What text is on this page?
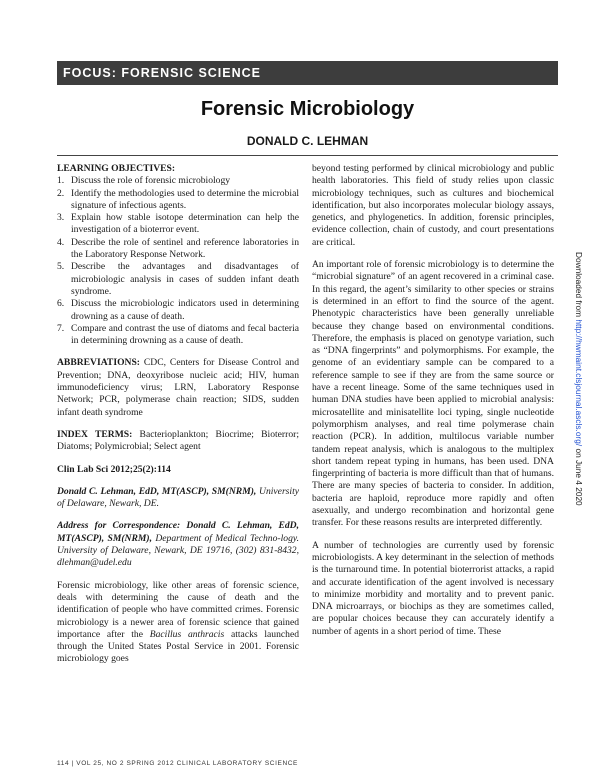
FOCUS: FORENSIC SCIENCE
Forensic Microbiology
DONALD C. LEHMAN
LEARNING OBJECTIVES:
1. Discuss the role of forensic microbiology
2. Identify the methodologies used to determine the microbial signature of infectious agents.
3. Explain how stable isotope determination can help the investigation of a bioterror event.
4. Describe the role of sentinel and reference laboratories in the Laboratory Response Network.
5. Describe the advantages and disadvantages of microbiologic analysis in cases of sudden infant death syndrome.
6. Discuss the microbiologic indicators used in determining drowning as a cause of death.
7. Compare and contrast the use of diatoms and fecal bacteria in determining drowning as a cause of death.

ABBREVIATIONS: CDC, Centers for Disease Control and Prevention; DNA, deoxyribose nucleic acid; HIV, human immunodeficiency virus; LRN, Laboratory Response Network; PCR, polymerase chain reaction; SIDS, sudden infant death syndrome

INDEX TERMS: Bacterioplankton; Biocrime; Bioterror; Diatoms; Polymicrobial; Select agent

Clin Lab Sci 2012;25(2):114

Donald C. Lehman, EdD, MT(ASCP), SM(NRM), University of Delaware, Newark, DE.

Address for Correspondence: Donald C. Lehman, EdD, MT(ASCP), SM(NRM), Department of Medical Techno-logy. University of Delaware, Newark, DE 19716, (302) 831-8432, dlehman@udel.edu

Forensic microbiology, like other areas of forensic science, deals with determining the cause of death and the identification of people who have committed crimes. Forensic microbiology is a newer area of forensic science that gained importance after the Bacillus anthracis attacks launched through the United States Postal Service in 2001. Forensic microbiology goes

beyond testing performed by clinical microbiology and public health laboratories. This field of study relies upon classic microbiology techniques, such as cultures and biochemical identification, but also incorporates molecular biology assays, genetics, and phylogenetics. In addition, forensic principles, evidence collection, chain of custody, and court presentations are critical.

An important role of forensic microbiology is to determine the “microbial signature” of an agent recovered in a criminal case. In this regard, the agent’s similarity to other species or strains is determined in an effort to find the source of the agent. Phenotypic characteristics have been generally unreliable because they change based on environmental conditions. Therefore, the emphasis is placed on genotype variation, such as “DNA fingerprints” and polymorphisms. For example, the genome of an evidentiary sample can be compared to a reference sample to see if they are from the same source or have a recent lineage. Some of the same techniques used in human DNA studies have been applied to microbial analysis: microsatellite and minisatellite loci typing, single nucleotide polymorphism analyses, and real time polymerase chain reaction (PCR). In addition, multilocus variable number tandem repeat analysis, which is analogous to the multiplex short tandem repeat typing in humans, has been used. DNA fingerprinting of bacteria is more difficult than that of humans. There are many species of bacteria to consider. In addition, bacteria are haploid, reproduce more rapidly and often asexually, and undergo recombination and horizontal gene transfer. For these reasons results are interpreted differently.

A number of technologies are currently used by forensic microbiologists. A key determinant in the selection of methods is the turnaround time. In potential bioterrorist attacks, a rapid and accurate identification of the agent involved is necessary to minimize morbidity and mortality and to prevent panic. DNA microarrays, or biochips as they are sometimes called, are popular choices because they can accurately identify a number of agents in a short period of time. These

114 | VOL 25, NO 2 SPRING 2012 CLINICAL LABORATORY SCIENCE
Downloaded from http://hwmaint.clsjournal.ascls.org/ on June 4 2020
